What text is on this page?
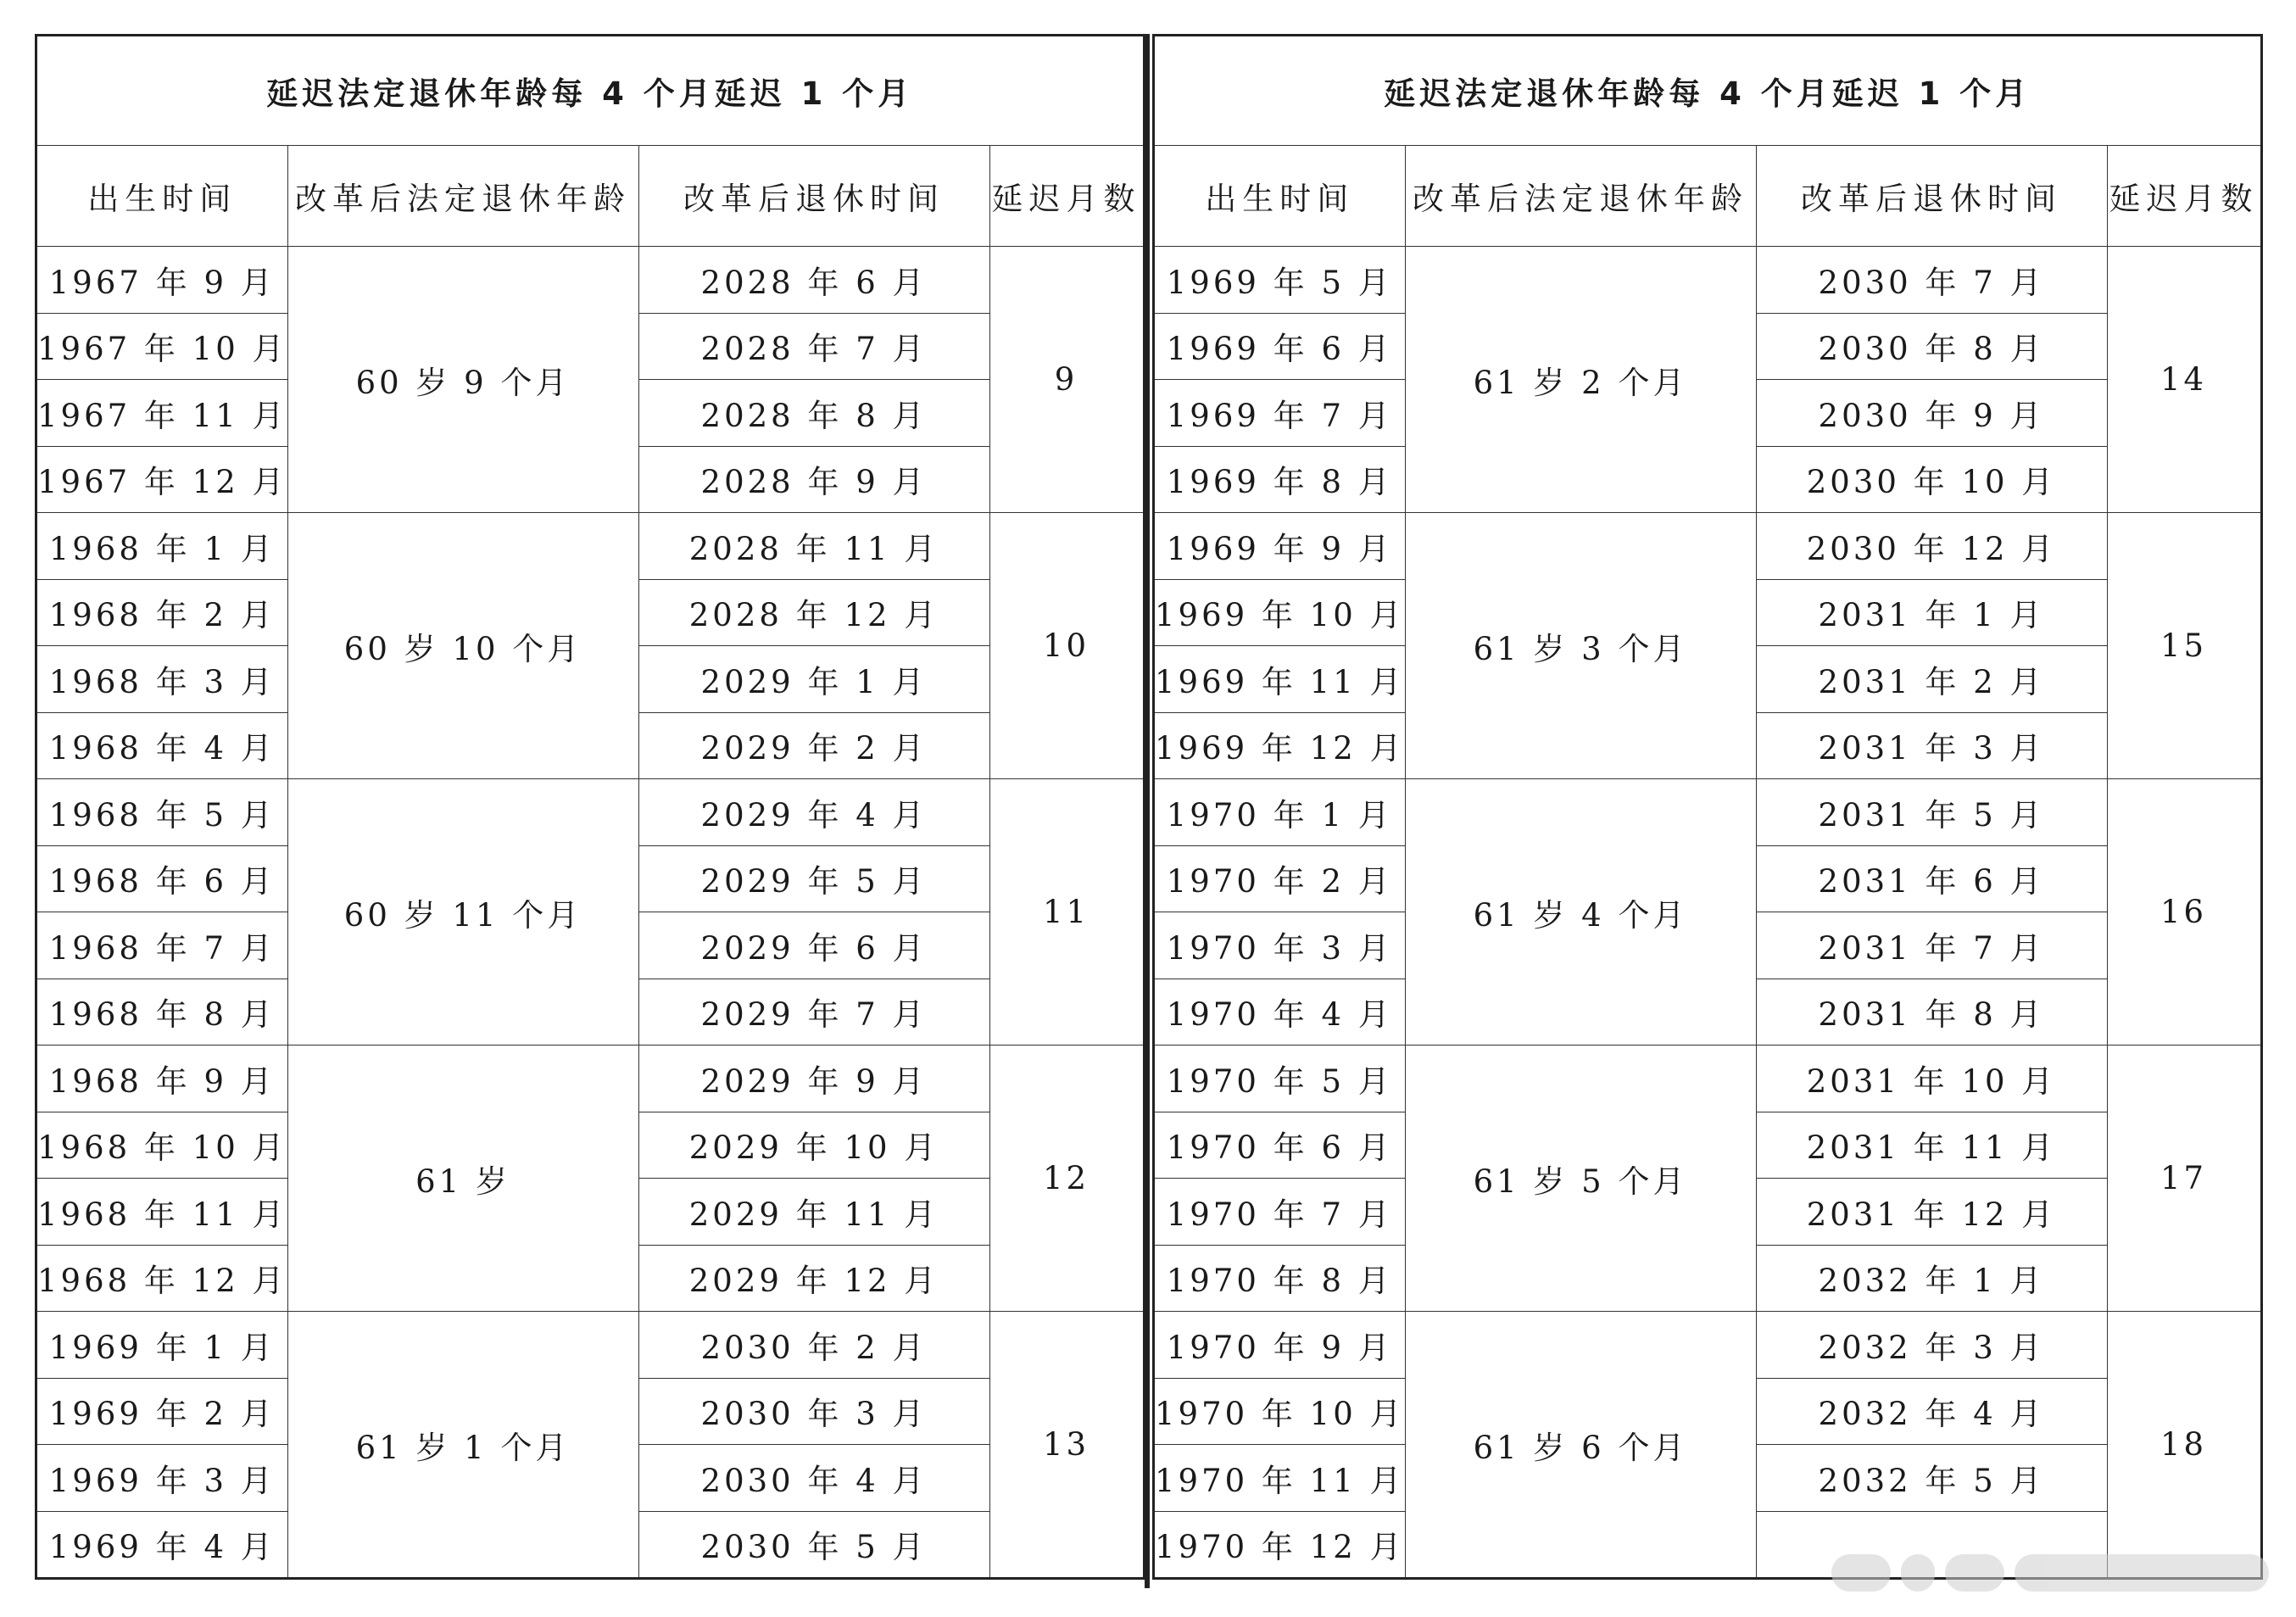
延迟法定退休年龄每 4 个月延迟 1 个月			
出生时间	改革后法定退休年龄	改革后退休时间	延迟月数
1967 年 9 月	60 岁 9 个月	2028 年 6 月	9
1967 年 10 月		2028 年 7 月	
1967 年 11 月		2028 年 8 月	
1967 年 12 月		2028 年 9 月	
1968 年 1 月	60 岁 10 个月	2028 年 11 月	10
1968 年 2 月		2028 年 12 月	
1968 年 3 月		2029 年 1 月	
1968 年 4 月		2029 年 2 月	
1968 年 5 月	60 岁 11 个月	2029 年 4 月	11
1968 年 6 月		2029 年 5 月	
1968 年 7 月		2029 年 6 月	
1968 年 8 月		2029 年 7 月	
1968 年 9 月	61 岁	2029 年 9 月	12
1968 年 10 月		2029 年 10 月	
1968 年 11 月		2029 年 11 月	
1968 年 12 月		2029 年 12 月	
1969 年 1 月	61 岁 1 个月	2030 年 2 月	13
1969 年 2 月		2030 年 3 月	
1969 年 3 月		2030 年 4 月	
1969 年 4 月		2030 年 5 月	
延迟法定退休年龄每 4 个月延迟 1 个月			
出生时间	改革后法定退休年龄	改革后退休时间	延迟月数
1969 年 5 月	61 岁 2 个月	2030 年 7 月	14
1969 年 6 月		2030 年 8 月	
1969 年 7 月		2030 年 9 月	
1969 年 8 月		2030 年 10 月	
1969 年 9 月	61 岁 3 个月	2030 年 12 月	15
1969 年 10 月		2031 年 1 月	
1969 年 11 月		2031 年 2 月	
1969 年 12 月		2031 年 3 月	
1970 年 1 月	61 岁 4 个月	2031 年 5 月	16
1970 年 2 月		2031 年 6 月	
1970 年 3 月		2031 年 7 月	
1970 年 4 月		2031 年 8 月	
1970 年 5 月	61 岁 5 个月	2031 年 10 月	17
1970 年 6 月		2031 年 11 月	
1970 年 7 月		2031 年 12 月	
1970 年 8 月		2032 年 1 月	
1970 年 9 月	61 岁 6 个月	2032 年 3 月	18
1970 年 10 月		2032 年 4 月	
1970 年 11 月		2032 年 5 月	
1970 年 12 月			
